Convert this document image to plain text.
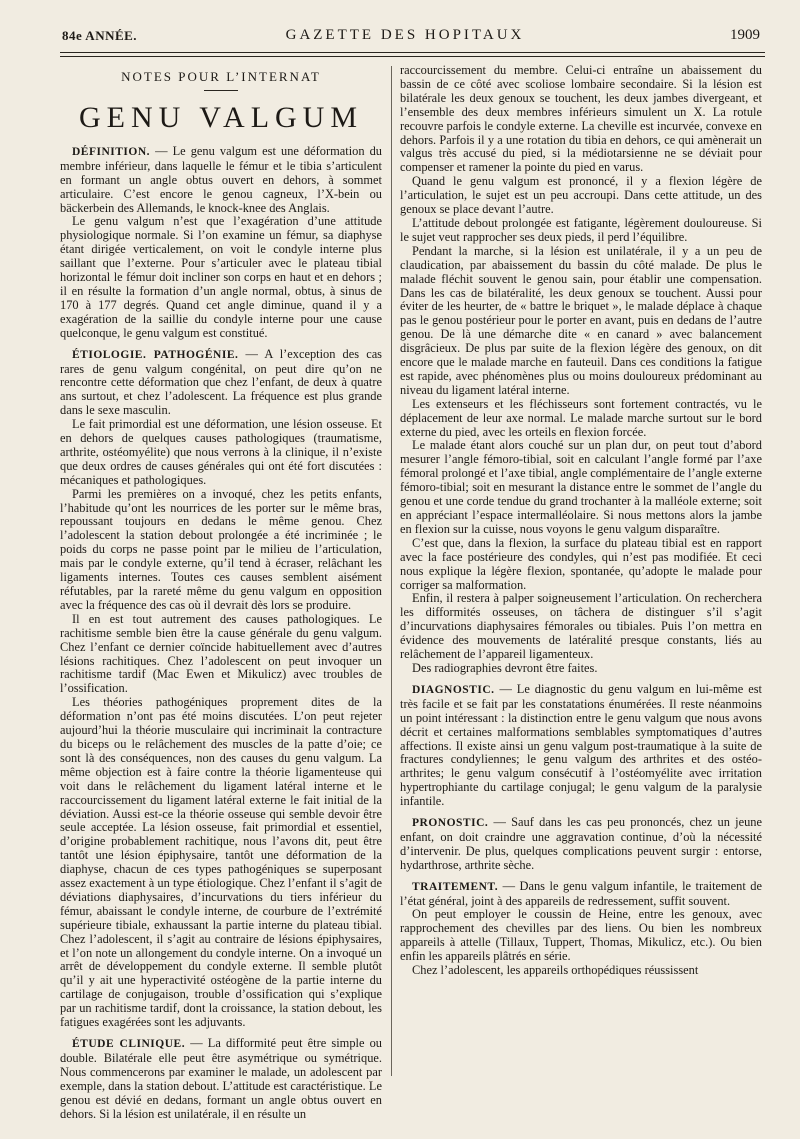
84e ANNÉE.	GAZETTE DES HOPITAUX	1909
NOTES POUR L’INTERNAT
GENU VALGUM

DÉFINITION. — Le genu valgum est une déformation du membre inférieur, dans laquelle le fémur et le tibia s’articulent en formant un angle obtus ouvert en dehors, à sommet articulaire. C’est encore le genou cagneux, l’X-bein ou bäckerbein des Allemands, le knock-knee des Anglais.

Le genu valgum n’est que l’exagération d’une attitude physiologique normale. Si l’on examine un fémur, sa diaphyse étant dirigée verticalement, on voit le condyle interne plus saillant que l’externe. Pour s’articuler avec le plateau tibial horizontal le fémur doit incliner son corps en haut et en dehors ; il en résulte la formation d’un angle normal, obtus, à sinus de 170 à 177 degrés. Quand cet angle diminue, quand il y a exagération de la saillie du condyle interne pour une cause quelconque, le genu valgum est constitué.

ÉTIOLOGIE. PATHOGÉNIE. — A l’exception des cas rares de genu valgum congénital, on peut dire qu’on ne rencontre cette déformation que chez l’enfant, de deux à quatre ans surtout, et chez l’adolescent. La fréquence est plus grande dans le sexe masculin.

Le fait primordial est une déformation, une lésion osseuse. Et en dehors de quelques causes pathologiques (traumatisme, arthrite, ostéomyélite) que nous verrons à la clinique, il n’existe que deux ordres de causes générales qui ont été fort discutées : mécaniques et pathologiques.

Parmi les premières on a invoqué, chez les petits enfants, l’habitude qu’ont les nourrices de les porter sur le même bras, repoussant toujours en dedans le même genou. Chez l’adolescent la station debout prolongée a été incriminée ; le poids du corps ne passe point par le milieu de l’articulation, mais par le condyle externe, qu’il tend à écraser, relâchant les ligaments internes. Toutes ces causes semblent aisément réfutables, par la rareté même du genu valgum en opposition avec la fréquence des cas où il devrait dès lors se produire.

Il en est tout autrement des causes pathologiques. Le rachitisme semble bien être la cause générale du genu valgum. Chez l’enfant ce dernier coïncide habituellement avec d’autres lésions rachitiques. Chez l’adolescent on peut invoquer un rachitisme tardif (Mac Ewen et Mikulicz) avec troubles de l’ossification.

Les théories pathogéniques proprement dites de la déformation n’ont pas été moins discutées. L’on peut rejeter aujourd’hui la théorie musculaire qui incriminait la contracture du biceps ou le relâchement des muscles de la patte d’oie; ce sont là des conséquences, non des causes du genu valgum. La même objection est à faire contre la théorie ligamenteuse qui voit dans le relâchement du ligament latéral interne et le raccourcissement du ligament latéral externe le fait initial de la déviation. Aussi est-ce la théorie osseuse qui semble devoir être seule acceptée. La lésion osseuse, fait primordial et essentiel, d’origine probablement rachitique, nous l’avons dit, peut être tantôt une lésion épiphysaire, tantôt une déformation de la diaphyse, chacun de ces types pathogéniques se superposant assez exactement à un type étiologique. Chez l’enfant il s’agit de déviations diaphysaires, d’incurvations du tiers inférieur du fémur, abaissant le condyle interne, de courbure de l’extrémité supérieure tibiale, exhaussant la partie interne du plateau tibial. Chez l’adolescent, il s’agit au contraire de lésions épiphysaires, et l’on note un allongement du condyle interne. On a invoqué un arrêt de développement du condyle externe. Il semble plutôt qu’il y ait une hyperactivité ostéogène de la partie interne du cartilage de conjugaison, trouble d’ossification qui s’explique par un rachitisme tardif, dont la croissance, la station debout, les fatigues exagérées sont les adjuvants.

ÉTUDE CLINIQUE. — La difformité peut être simple ou double. Bilatérale elle peut être asymétrique ou symétrique. Nous commencerons par examiner le malade, un adolescent par exemple, dans la station debout. L’attitude est caractéristique. Le genou est dévié en dedans, formant un angle obtus ouvert en dehors. Si la lésion est unilatérale, il en résulte un

raccourcissement du membre. Celui-ci entraîne un abaissement du bassin de ce côté avec scoliose lombaire secondaire. Si la lésion est bilatérale les deux genoux se touchent, les deux jambes divergeant, et l’ensemble des deux membres inférieurs simulent un X. La rotule recouvre parfois le condyle externe. La cheville est incurvée, convexe en dehors. Parfois il y a une rotation du tibia en dehors, ce qui amènerait un valgus très accusé du pied, si la médiotarsienne ne se déviait pour compenser et ramener la pointe du pied en varus.

Quand le genu valgum est prononcé, il y a flexion légère de l’articulation, le sujet est un peu accroupi. Dans cette attitude, un des genoux se place devant l’autre.

L’attitude debout prolongée est fatigante, légèrement douloureuse. Si le sujet veut rapprocher ses deux pieds, il perd l’équilibre.

Pendant la marche, si la lésion est unilatérale, il y a un peu de claudication, par abaissement du bassin du côté malade. De plus le malade fléchit souvent le genou sain, pour établir une compensation. Dans les cas de bilatéralité, les deux genoux se touchent. Aussi pour éviter de les heurter, de « battre le briquet », le malade déplace à chaque pas le genou postérieur pour le porter en avant, puis en dedans de l’autre genou. De là une démarche dite « en canard » avec balancement disgrâcieux. De plus par suite de la flexion légère des genoux, on dit encore que le malade marche en fauteuil. Dans ces conditions la fatigue est rapide, avec phénomènes plus ou moins douloureux prédominant au niveau du ligament latéral interne.

Les extenseurs et les fléchisseurs sont fortement contractés, vu le déplacement de leur axe normal. Le malade marche surtout sur le bord externe du pied, avec les orteils en flexion forcée.

Le malade étant alors couché sur un plan dur, on peut tout d’abord mesurer l’angle fémoro-tibial, soit en calculant l’angle formé par l’axe fémoral prolongé et l’axe tibial, angle complémentaire de l’angle externe fémoro-tibial; soit en mesurant la distance entre le sommet de l’angle du genou et une corde tendue du grand trochanter à la malléole externe; soit en appréciant l’espace intermalléolaire. Si nous mettons alors la jambe en flexion sur la cuisse, nous voyons le genu valgum disparaître.

C’est que, dans la flexion, la surface du plateau tibial est en rapport avec la face postérieure des condyles, qui n’est pas modifiée. Et ceci nous explique la légère flexion, spontanée, qu’adopte le malade pour corriger sa malformation.

Enfin, il restera à palper soigneusement l’articulation. On recherchera les difformités osseuses, on tâchera de distinguer s’il s’agit d’incurvations diaphysaires fémorales ou tibiales. Puis l’on mettra en évidence des mouvements de latéralité presque constants, liés au relâchement de l’appareil ligamenteux.

Des radiographies devront être faites.

DIAGNOSTIC. — Le diagnostic du genu valgum en lui-même est très facile et se fait par les constatations énumérées. Il reste néanmoins un point intéressant : la distinction entre le genu valgum que nous avons décrit et certaines malformations semblables symptomatiques d’autres affections. Il existe ainsi un genu valgum post-traumatique à la suite de fractures condyliennes; le genu valgum des arthrites et des ostéo-arthrites; le genu valgum consécutif à l’ostéomyélite avec irritation hypertrophiante du cartilage conjugal; le genu valgum de la paralysie infantile.

PRONOSTIC. — Sauf dans les cas peu prononcés, chez un jeune enfant, on doit craindre une aggravation continue, d’où la nécessité d’intervenir. De plus, quelques complications peuvent surgir : entorse, hydarthrose, arthrite sèche.

TRAITEMENT. — Dans le genu valgum infantile, le traitement de l’état général, joint à des appareils de redressement, suffit souvent.

On peut employer le coussin de Heine, entre les genoux, avec rapprochement des chevilles par des liens. Ou bien les nombreux appareils à attelle (Tillaux, Tuppert, Thomas, Mikulicz, etc.). Ou bien enfin les appareils plâtrés en série.

Chez l’adolescent, les appareils orthopédiques réussissent
